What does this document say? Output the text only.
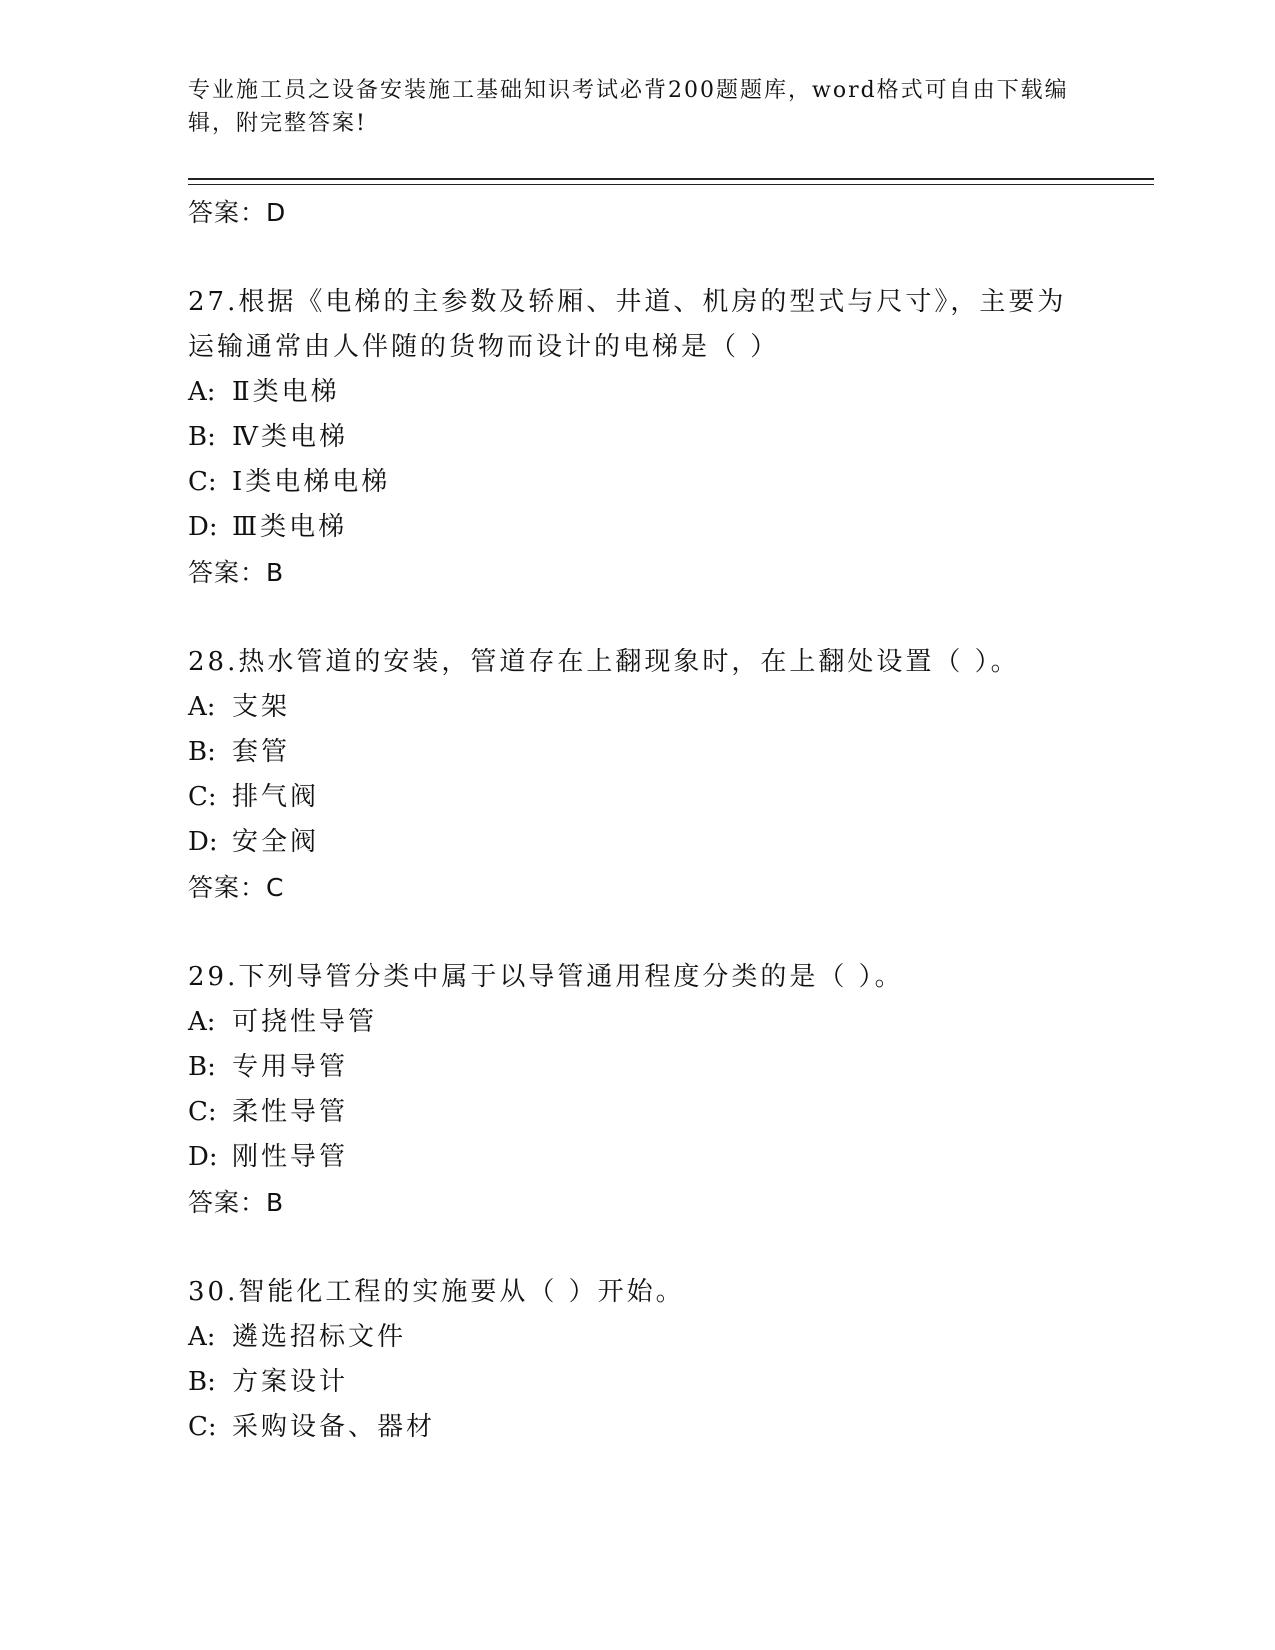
专业施工员之设备安装施工基础知识考试必背200题题库，word格式可自由下载编辑，附完整答案!
答案：D

27.根据《电梯的主参数及轿厢、井道、机房的型式与尺寸》，主要为运输通常由人伴随的货物而设计的电梯是（ ）

A: Ⅱ类电梯
B: Ⅳ类电梯
C: Ⅰ类电梯电梯
D: Ⅲ类电梯
答案：B

28.热水管道的安装，管道存在上翻现象时，在上翻处设置（ ）。

A: 支架
B: 套管
C: 排气阀
D: 安全阀
答案：C

29.下列导管分类中属于以导管通用程度分类的是（ ）。

A: 可挠性导管
B: 专用导管
C: 柔性导管
D: 刚性导管
答案：B

30.智能化工程的实施要从（ ）开始。

A: 遴选招标文件
B: 方案设计
C: 采购设备、器材
